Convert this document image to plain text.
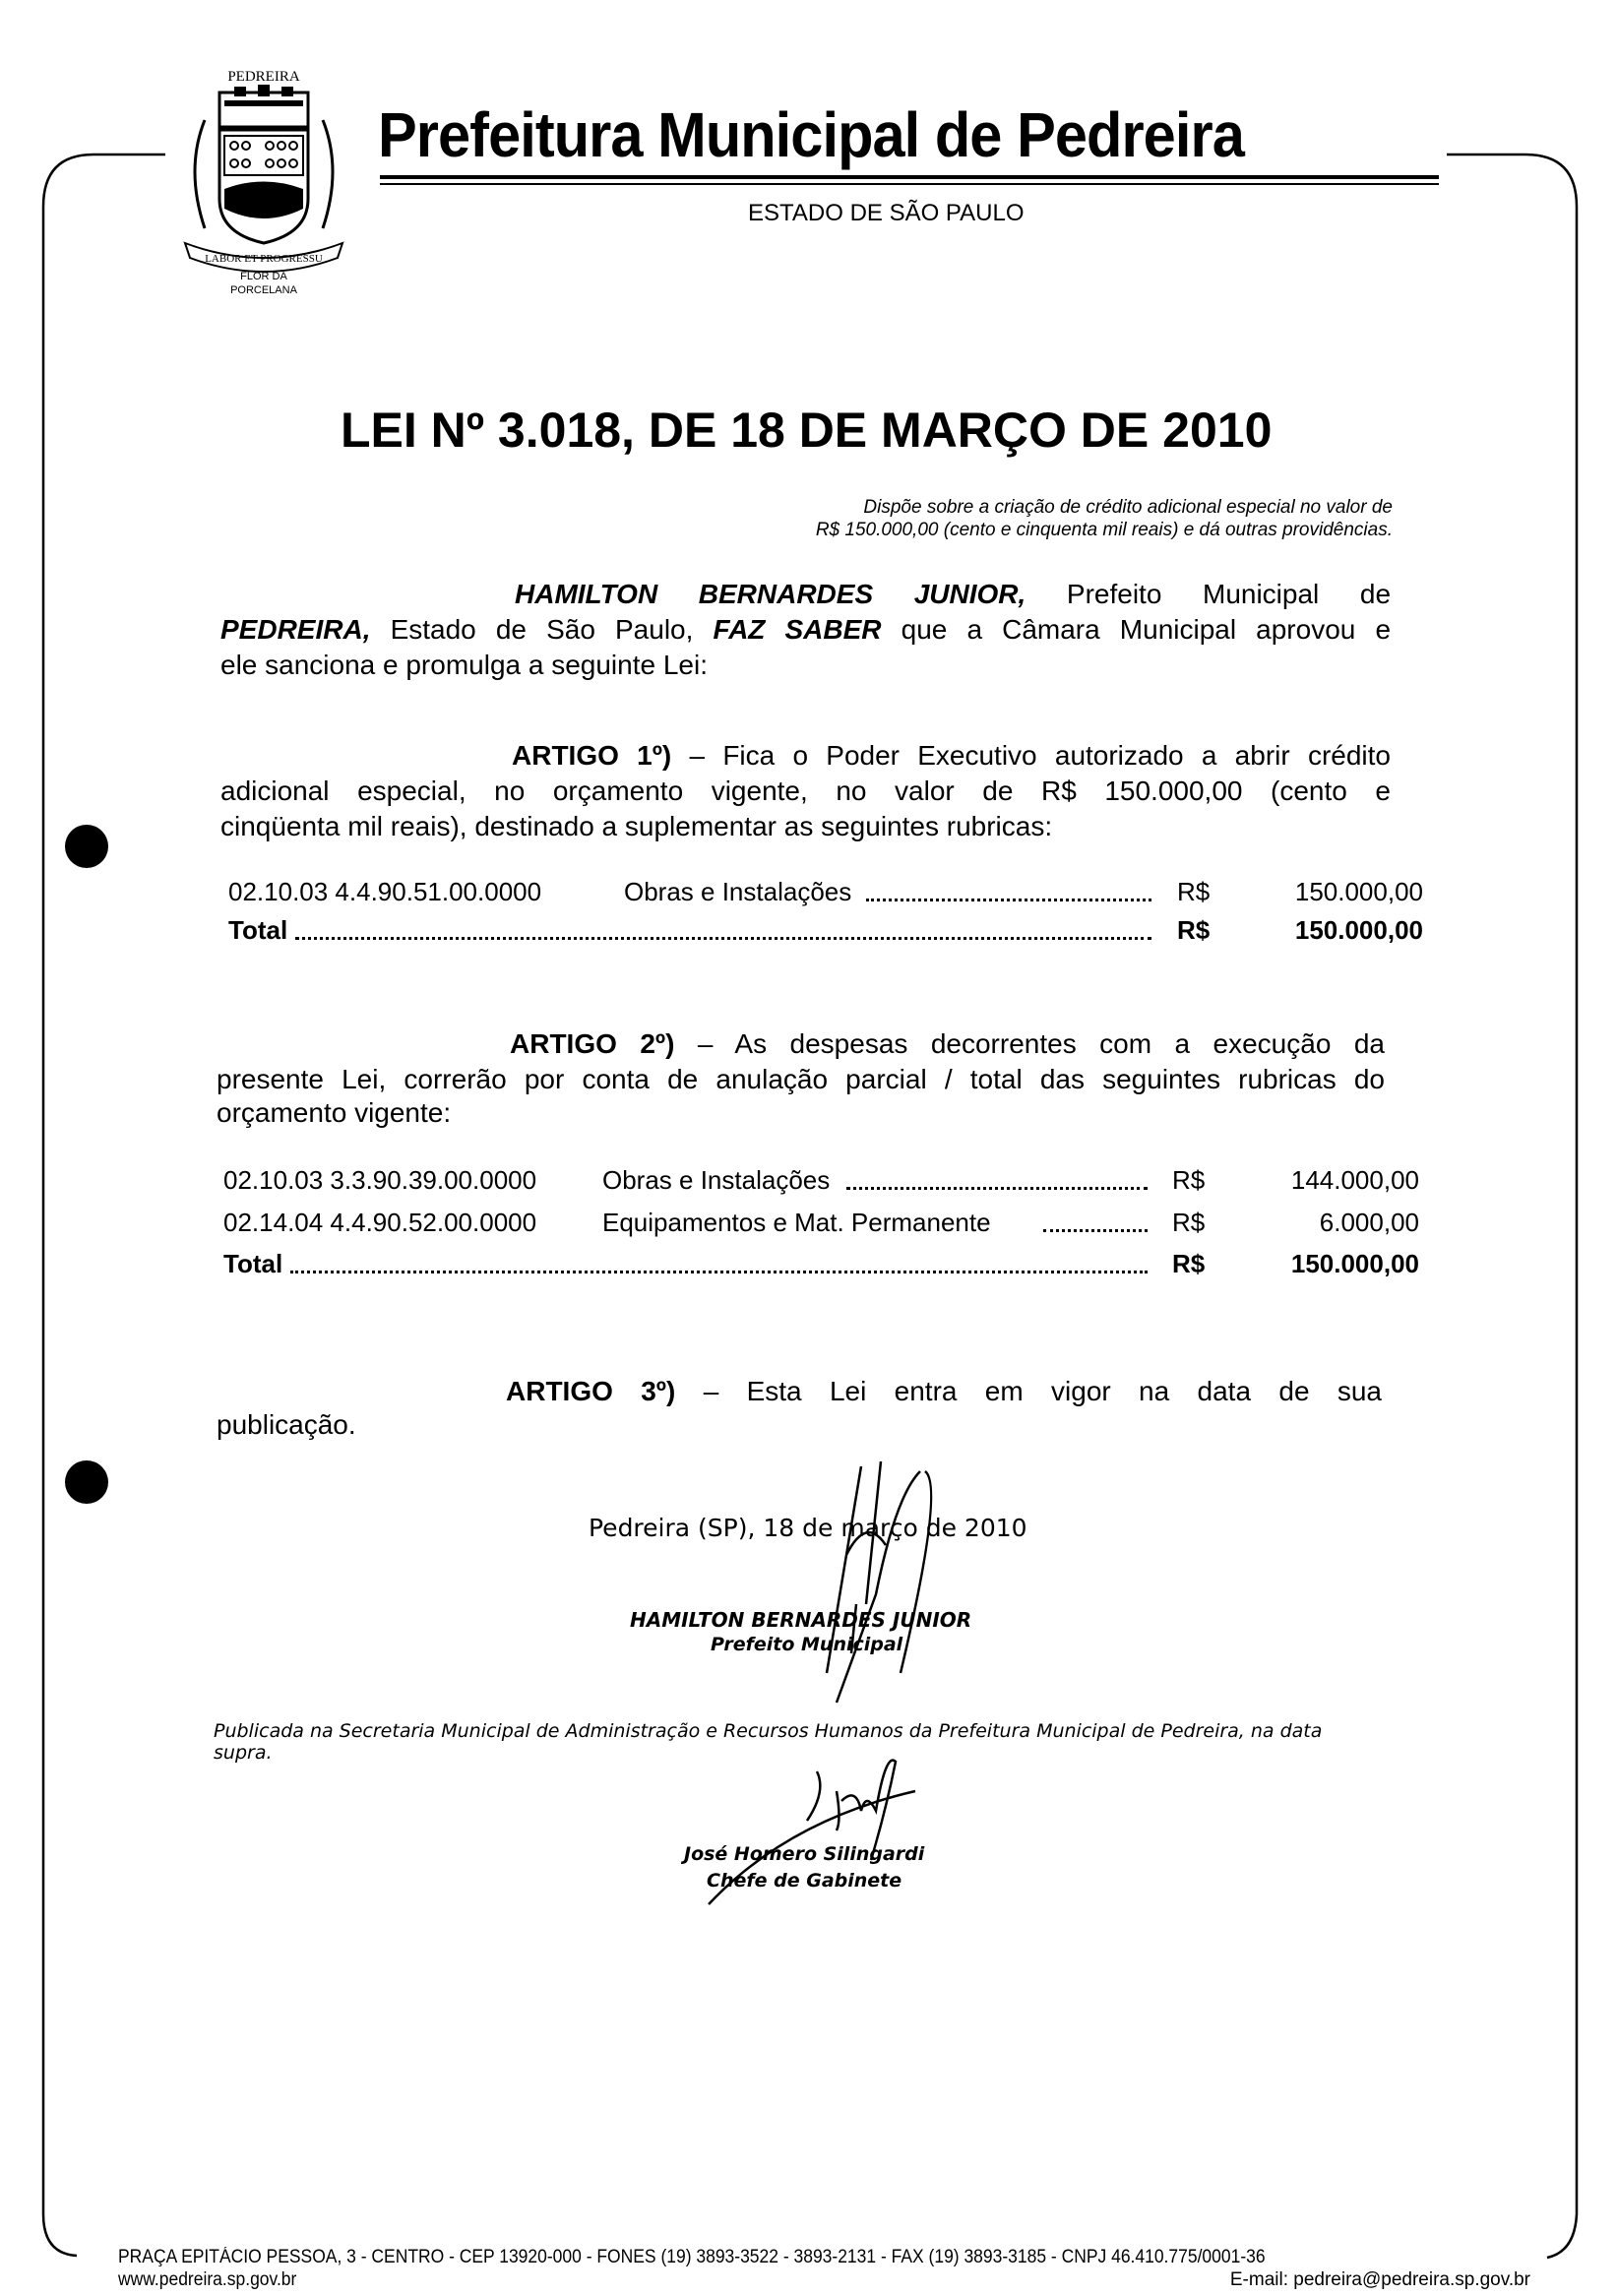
PEDREIRA
LABOR ET PROGRESSU
FLOR DA
PORCELANA
Prefeitura Municipal de Pedreira
ESTADO DE SÃO PAULO
LEI Nº 3.018, DE 18 DE MARÇO DE 2010
Dispõe sobre a criação de crédito adicional especial no valor de
R$ 150.000,00 (cento e cinquenta mil reais) e dá outras providências.
HAMILTON BERNARDES JUNIOR, Prefeito Municipal de
PEDREIRA, Estado de São Paulo, FAZ SABER que a Câmara Municipal aprovou e
ele sanciona e promulga a seguinte Lei:
ARTIGO 1º) – Fica o Poder Executivo autorizado a abrir crédito
adicional especial, no orçamento vigente, no valor de R$ 150.000,00 (cento e
cinqüenta mil reais), destinado a suplementar as seguintes rubricas:
02.10.03 4.4.90.51.00.0000	Obras e Instalações	R$	150.000,00
Total	R$	150.000,00
ARTIGO 2º) – As despesas decorrentes com a execução da
presente Lei, correrão por conta de anulação parcial / total das seguintes rubricas do
orçamento vigente:
02.10.03 3.3.90.39.00.0000	Obras e Instalações	R$	144.000,00
02.14.04 4.4.90.52.00.0000	Equipamentos e Mat. Permanente	R$	6.000,00
Total	R$	150.000,00
ARTIGO 3º) – Esta Lei entra em vigor na data de sua
publicação.
Pedreira (SP), 18 de março de 2010
HAMILTON BERNARDES JUNIOR
Prefeito Municipal
Publicada na Secretaria Municipal de Administração e Recursos Humanos da Prefeitura Municipal de Pedreira, na data
supra.
José Homero Silingardi
Chefe de Gabinete
PRAÇA EPITÁCIO PESSOA, 3 - CENTRO - CEP 13920-000 - FONES (19) 3893-3522 - 3893-2131 - FAX (19) 3893-3185 - CNPJ 46.410.775/0001-36
www.pedreira.sp.gov.br	E-mail: pedreira@pedreira.sp.gov.br
